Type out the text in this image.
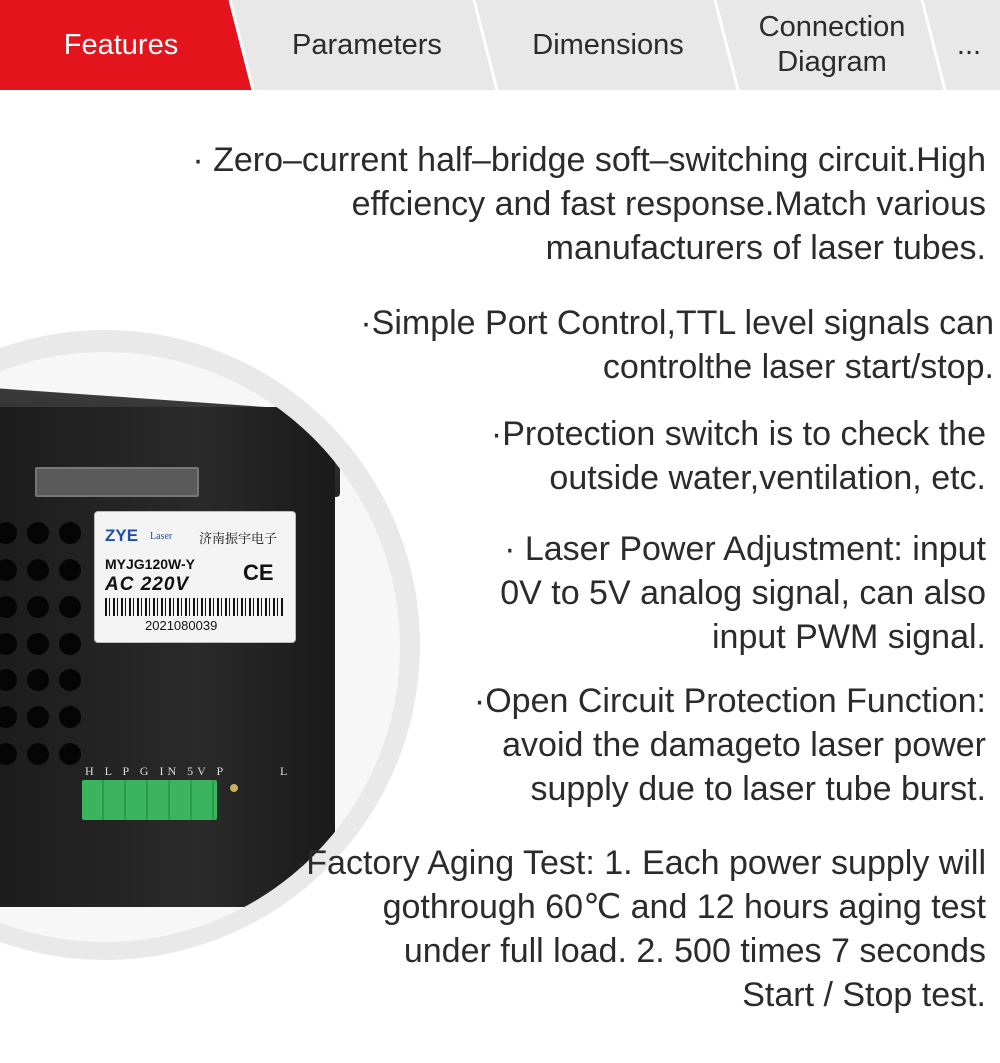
Features	Parameters	Dimensions
Connection
Diagram
...
ZYE Laser 济南振宇电子
MYJG120W-Y
AC 220V CE
2021080039
H L P G IN 5V P	L
· Zero–current half–bridge soft–switching circuit.High
effciency and fast response.Match various
manufacturers of laser tubes.
·Simple Port Control,TTL level signals can
controlthe laser start/stop.
·Protection switch is to check the
outside water,ventilation, etc.
· Laser Power Adjustment: input
0V to 5V analog signal, can also
input PWM signal.
·Open Circuit Protection Function:
avoid the damageto laser power
supply due to laser tube burst.
·Factory Aging Test: 1. Each power supply will
gothrough 60℃ and 12 hours aging test
under full load. 2. 500 times 7 seconds
Start / Stop test.
